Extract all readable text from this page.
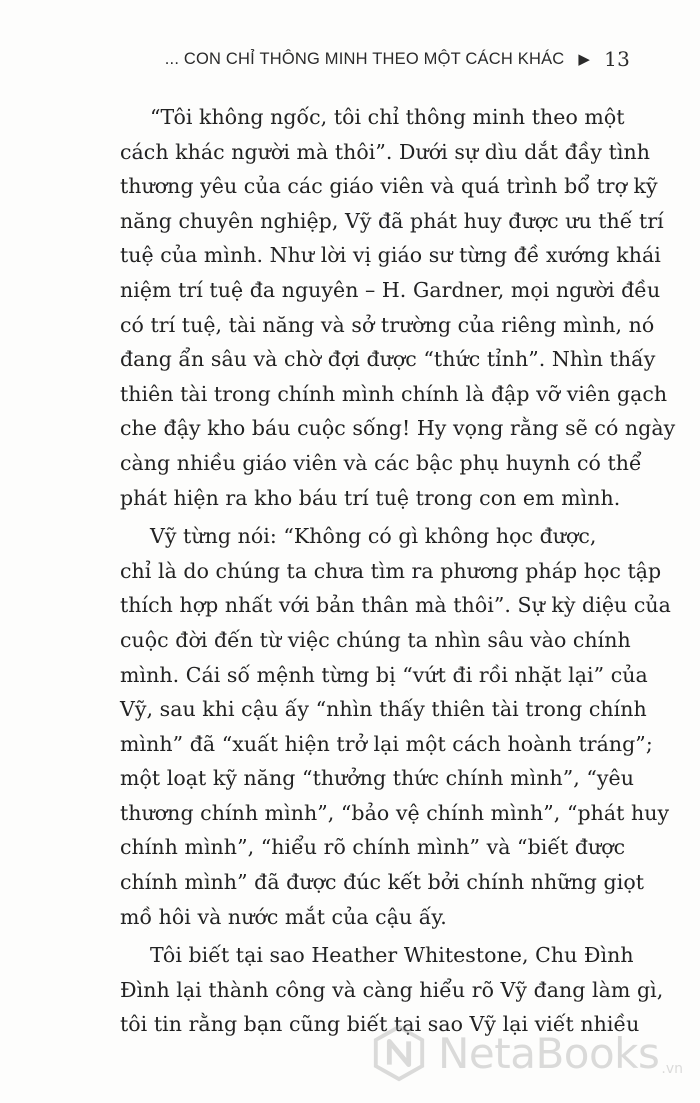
... CON CHỈ THÔNG MINH THEO MỘT CÁCH KHÁC ▶ 13
“Tôi không ngốc, tôi chỉ thông minh theo một
cách khác người mà thôi”. Dưới sự dìu dắt đầy tình
thương yêu của các giáo viên và quá trình bổ trợ kỹ
năng chuyên nghiệp, Vỹ đã phát huy được ưu thế trí
tuệ của mình. Như lời vị giáo sư từng đề xướng khái
niệm trí tuệ đa nguyên – H. Gardner, mọi người đều
có trí tuệ, tài năng và sở trường của riêng mình, nó
đang ẩn sâu và chờ đợi được “thức tỉnh”. Nhìn thấy
thiên tài trong chính mình chính là đập vỡ viên gạch
che đậy kho báu cuộc sống! Hy vọng rằng sẽ có ngày
càng nhiều giáo viên và các bậc phụ huynh có thể
phát hiện ra kho báu trí tuệ trong con em mình.
Vỹ từng nói: “Không có gì không học được,
chỉ là do chúng ta chưa tìm ra phương pháp học tập
thích hợp nhất với bản thân mà thôi”. Sự kỳ diệu của
cuộc đời đến từ việc chúng ta nhìn sâu vào chính
mình. Cái số mệnh từng bị “vứt đi rồi nhặt lại” của
Vỹ, sau khi cậu ấy “nhìn thấy thiên tài trong chính
mình” đã “xuất hiện trở lại một cách hoành tráng”;
một loạt kỹ năng “thưởng thức chính mình”, “yêu
thương chính mình”, “bảo vệ chính mình”, “phát huy
chính mình”, “hiểu rõ chính mình” và “biết được
chính mình” đã được đúc kết bởi chính những giọt
mồ hôi và nước mắt của cậu ấy.
Tôi biết tại sao Heather Whitestone, Chu Đình
Đình lại thành công và càng hiểu rõ Vỹ đang làm gì,
tôi tin rằng bạn cũng biết tại sao Vỹ lại viết nhiều
NetaBooks .vn
